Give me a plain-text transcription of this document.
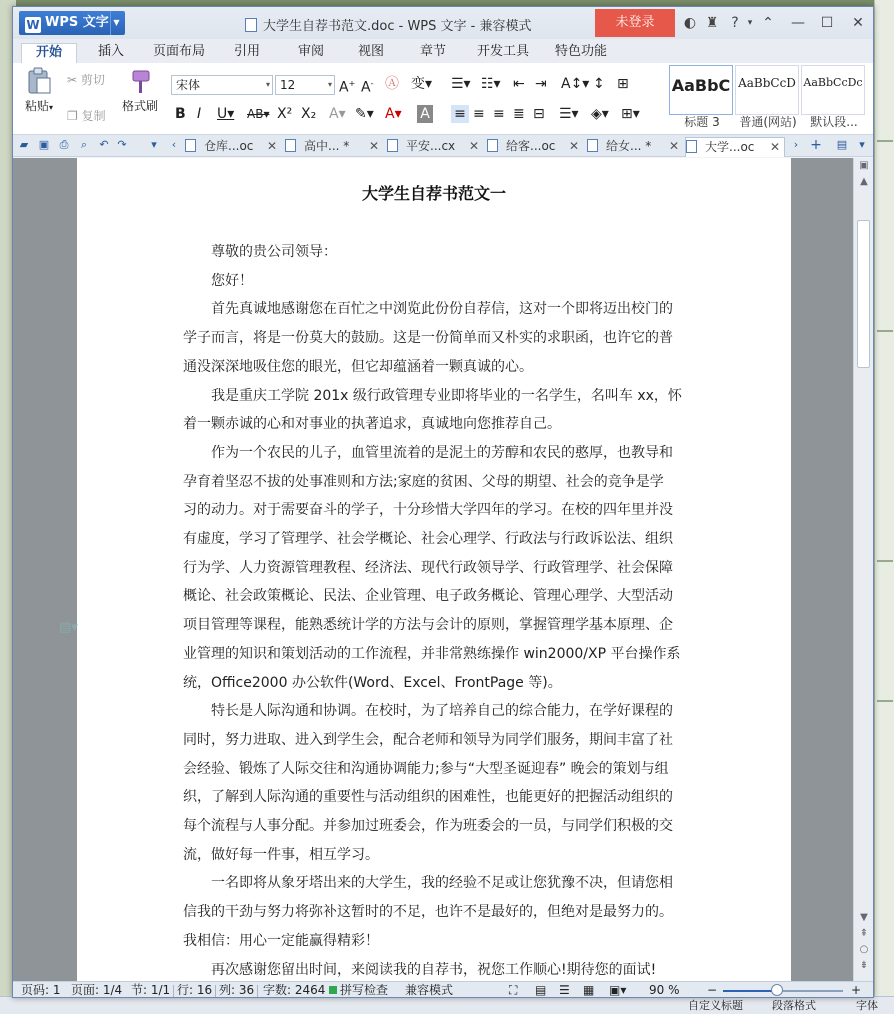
自定义标题	段落格式	字体
W WPS 文字 ▼	大学生自荐书范文.doc - WPS 文字 - 兼容模式	未登录	◐ ♜ ?	▾ ⌃ — ☐ ✕
开始	插入	页面布局	引用	审阅	视图	章节	开发工具	特色功能
粘贴▾
✂ 剪切
❐ 复制
格式刷
宋体	▾ 12	▾ A+ A- Ⓐ 变▾
B I U▾ AB▾ X² X₂ A▾ ✎▾ A▾ A
☰▾ ☷▾ ⇤ ⇥ A↕▾ ↕ ⊞
≡ ≡ ≡ ≣ ⊟ ☰▾ ◈▾ ⊞▾
AaBbC
标题 3
AaBbCcD
普通(网站)
AaBbCcDc
默认段...
▰ ▣ ⎙	⌕	↶ ↷	▾	‹	仓库...oc ✕	高中... * ✕	平安...cx ✕	给客...oc ✕	给女... * ✕	大学...oc ✕	› + ▤	▾
大学生自荐书范文一
尊敬的贵公司领导：
您好！
首先真诚地感谢您在百忙之中浏览此份份自荐信，这对一个即将迈出校门的
学子而言，将是一份莫大的鼓励。这是一份简单而又朴实的求职函，也许它的普
通没深深地吸住您的眼光，但它却蕴涵着一颗真诚的心。
我是重庆工学院 201x 级行政管理专业即将毕业的一名学生，名叫车 xx，怀
着一颗赤诚的心和对事业的执著追求，真诚地向您推荐自己。
作为一个农民的儿子，血管里流着的是泥土的芳醇和农民的憨厚，也教导和
孕育着坚忍不拔的处事准则和方法;家庭的贫困、父母的期望、社会的竞争是学
习的动力。对于需要奋斗的学子，十分珍惜大学四年的学习。在校的四年里并没
有虚度，学习了管理学、社会学概论、社会心理学、行政法与行政诉讼法、组织
行为学、人力资源管理教程、经济法、现代行政领导学、行政管理学、社会保障
概论、社会政策概论、民法、企业管理、电子政务概论、管理心理学、大型活动
项目管理等课程，能熟悉统计学的方法与会计的原则，掌握管理学基本原理、企
业管理的知识和策划活动的工作流程，并非常熟练操作 win2000/XP 平台操作系
统，Office2000 办公软件(Word、Excel、FrontPage 等)。
特长是人际沟通和协调。在校时，为了培养自己的综合能力，在学好课程的
同时，努力进取、进入到学生会，配合老师和领导为同学们服务，期间丰富了社
会经验、锻炼了人际交往和沟通协调能力;参与“大型圣诞迎春” 晚会的策划与组
织，了解到人际沟通的重要性与活动组织的困难性，也能更好的把握活动组织的
每个流程与人事分配。并参加过班委会，作为班委会的一员，与同学们积极的交
流，做好每一件事，相互学习。
一名即将从象牙塔出来的大学生，我的经验不足或让您犹豫不决，但请您相
信我的干劲与努力将弥补这暂时的不足，也许不是最好的，但绝对是最努力的。
我相信：用心一定能赢得精彩！
再次感谢您留出时间，来阅读我的自荐书，祝您工作顺心!期待您的面试!
▤▾
▣
▲
▼
⇞
○
⇟
页码: 1 页面: 1/4 节: 1/1 行: 16 列: 36 字数: 2464	拼写检查 兼容模式	⛶ ▤ ☰ ▦ ▣▾ 90 % −	+
